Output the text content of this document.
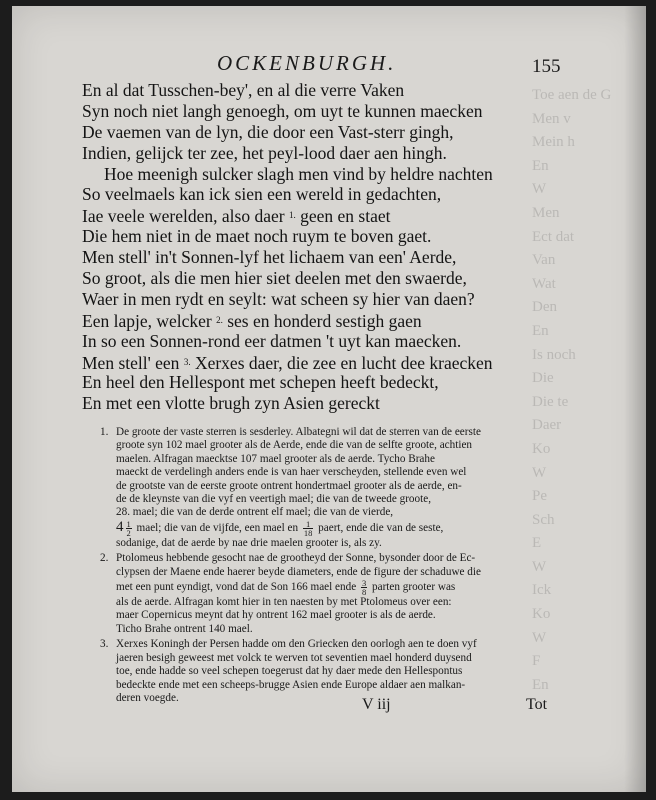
Toe aen de G
Men v
Mein h
En
W
Men
Ect dat
Van
Wat
Den
En
Is noch
Die
Die te
Daer
Ko
W
Pe
Sch
E
W
Ick
Ko
W
F
En
OCKENBURGH.	155
En al dat Tusschen-bey', en al die verre Vaken
Syn noch niet langh genoegh, om uyt te kunnen maecken
De vaemen van de lyn, die door een Vast-sterr gingh,
Indien, gelijck ter zee, het peyl-lood daer aen hingh.
Hoe meenigh sulcker slagh men vind by heldre nachten
So veelmaels kan ick sien een wereld in gedachten,
Iae veele werelden, also daer $^{1.}$ geen en staet
Die hem niet in de maet noch ruym te boven gaet.
Men stell' in't Sonnen-lyf het lichaem van een' Aerde,
So groot, als die men hier siet deelen met den swaerde,
Waer in men rydt en seylt: wat scheen sy hier van daen?
Een lapje, welcker $^{2.}$ ses en honderd sestigh gaen
In so een Sonnen-rond eer datmen 't uyt kan maecken.
Men stell' een $^{3.}$ Xerxes daer, die zee en lucht dee kraecken
En heel den Hellespont met schepen heeft bedeckt,
En met een vlotte brugh zyn Asien gereckt
1. De groote der vaste sterren is sesderley. Albategni wil dat de sterren van de eerste
groote syn 102 mael grooter als de Aerde, ende die van de selfte groote, achtien
maelen. Alfragan maecktse 107 mael grooter als de aerde. Tycho Brahe
maeckt de verdelingh anders ende is van haer verscheyden, stellende even wel
de grootste van de eerste groote ontrent hondertmael grooter als de aerde, en-
de de kleynste van die vyf en veertigh mael; die van de tweede groote,
28. mael; die van de derde ontrent elf mael; die van de vierde,
$4 \frac{1}{2}$ mael; die van de vijfde, een mael en $\frac{1}{18}$ paert, ende die van de seste,
sodanige, dat de aerde by nae drie maelen grooter is, als zy.
2. Ptolomeus hebbende gesocht nae de grootheyd der Sonne, bysonder door de Ec-
clypsen der Maene ende haerer beyde diameters, ende de figure der schaduwe die
met een punt eyndigt, vond dat de Son 166 mael ende $\frac{3}{8}$ parten grooter was
als de aerde. Alfragan komt hier in ten naesten by met Ptolomeus over een:
maer Copernicus meynt dat hy ontrent 162 mael grooter is als de aerde.
Ticho Brahe ontrent 140 mael.
3. Xerxes Koningh der Persen hadde om den Griecken den oorlogh aen te doen vyf
jaeren besigh geweest met volck te werven tot seventien mael honderd duysend
toe, ende hadde so veel schepen toegerust dat hy daer mede den Hellespontus
bedeckte ende met een scheeps-brugge Asien ende Europe aldaer aen malkan-
deren voegde.	V iij	Tot
